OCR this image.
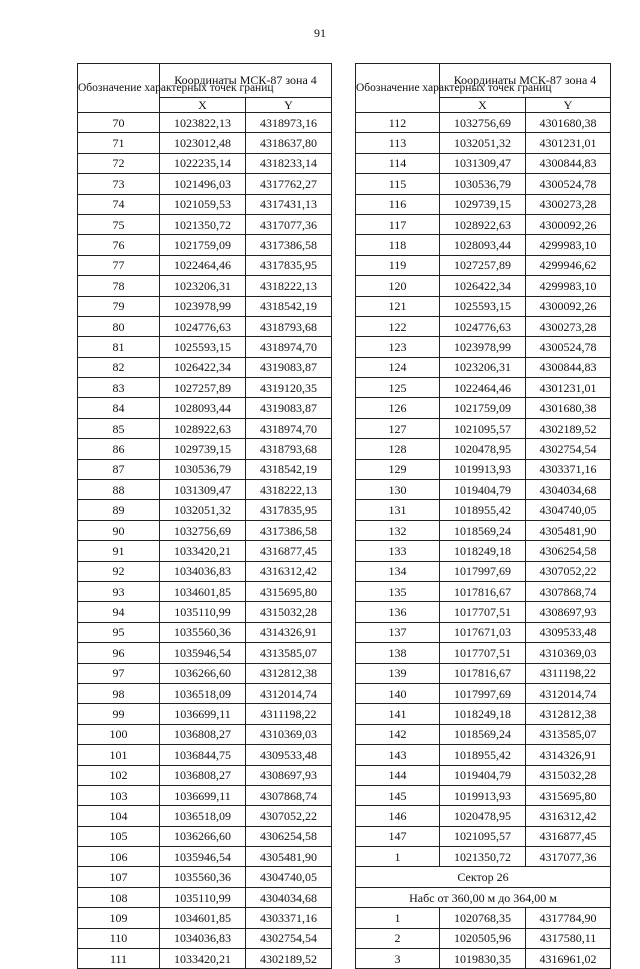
91
Обозначение характерных точек границ	Координаты МСК-87 зона 4	
	X	Y
70	1023822,13	4318973,16
71	1023012,48	4318637,80
72	1022235,14	4318233,14
73	1021496,03	4317762,27
74	1021059,53	4317431,13
75	1021350,72	4317077,36
76	1021759,09	4317386,58
77	1022464,46	4317835,95
78	1023206,31	4318222,13
79	1023978,99	4318542,19
80	1024776,63	4318793,68
81	1025593,15	4318974,70
82	1026422,34	4319083,87
83	1027257,89	4319120,35
84	1028093,44	4319083,87
85	1028922,63	4318974,70
86	1029739,15	4318793,68
87	1030536,79	4318542,19
88	1031309,47	4318222,13
89	1032051,32	4317835,95
90	1032756,69	4317386,58
91	1033420,21	4316877,45
92	1034036,83	4316312,42
93	1034601,85	4315695,80
94	1035110,99	4315032,28
95	1035560,36	4314326,91
96	1035946,54	4313585,07
97	1036266,60	4312812,38
98	1036518,09	4312014,74
99	1036699,11	4311198,22
100	1036808,27	4310369,03
101	1036844,75	4309533,48
102	1036808,27	4308697,93
103	1036699,11	4307868,74
104	1036518,09	4307052,22
105	1036266,60	4306254,58
106	1035946,54	4305481,90
107	1035560,36	4304740,05
108	1035110,99	4304034,68
109	1034601,85	4303371,16
110	1034036,83	4302754,54
111	1033420,21	4302189,52
Обозначение характерных точек границ	Координаты МСК-87 зона 4	
	X	Y
112	1032756,69	4301680,38
113	1032051,32	4301231,01
114	1031309,47	4300844,83
115	1030536,79	4300524,78
116	1029739,15	4300273,28
117	1028922,63	4300092,26
118	1028093,44	4299983,10
119	1027257,89	4299946,62
120	1026422,34	4299983,10
121	1025593,15	4300092,26
122	1024776,63	4300273,28
123	1023978,99	4300524,78
124	1023206,31	4300844,83
125	1022464,46	4301231,01
126	1021759,09	4301680,38
127	1021095,57	4302189,52
128	1020478,95	4302754,54
129	1019913,93	4303371,16
130	1019404,79	4304034,68
131	1018955,42	4304740,05
132	1018569,24	4305481,90
133	1018249,18	4306254,58
134	1017997,69	4307052,22
135	1017816,67	4307868,74
136	1017707,51	4308697,93
137	1017671,03	4309533,48
138	1017707,51	4310369,03
139	1017816,67	4311198,22
140	1017997,69	4312014,74
141	1018249,18	4312812,38
142	1018569,24	4313585,07
143	1018955,42	4314326,91
144	1019404,79	4315032,28
145	1019913,93	4315695,80
146	1020478,95	4316312,42
147	1021095,57	4316877,45
1	1021350,72	4317077,36
Сектор 26		
Набс от 360,00 м до 364,00 м		
1	1020768,35	4317784,90
2	1020505,96	4317580,11
3	1019830,35	4316961,02
